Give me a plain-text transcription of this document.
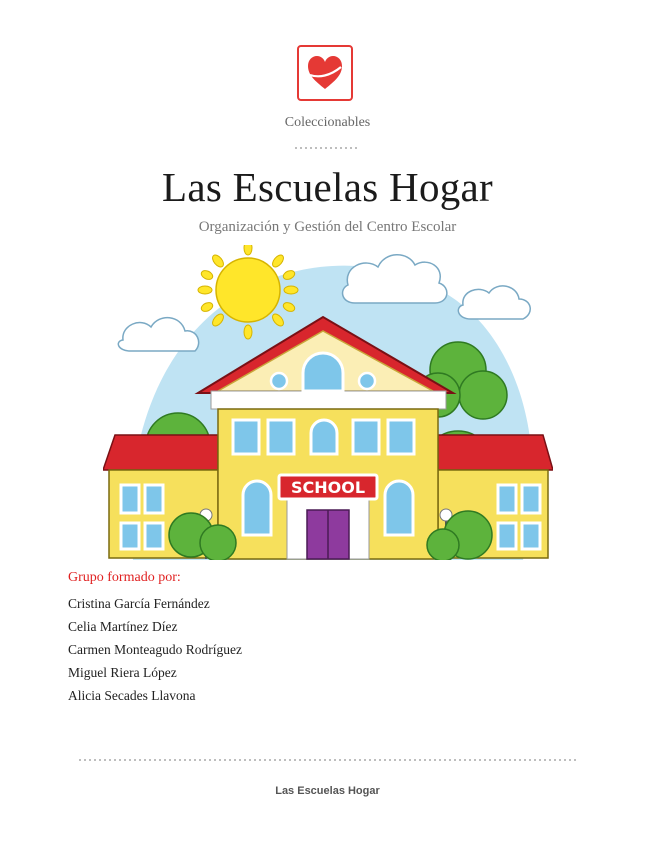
Coleccionables
Las Escuelas Hogar
Organización y Gestión del Centro Escolar
SCHOOL
Grupo formado por:
Cristina García Fernández
Celia Martínez Díez
Carmen Monteagudo Rodríguez
Miguel Riera López
Alicia Secades Llavona
Las Escuelas Hogar
